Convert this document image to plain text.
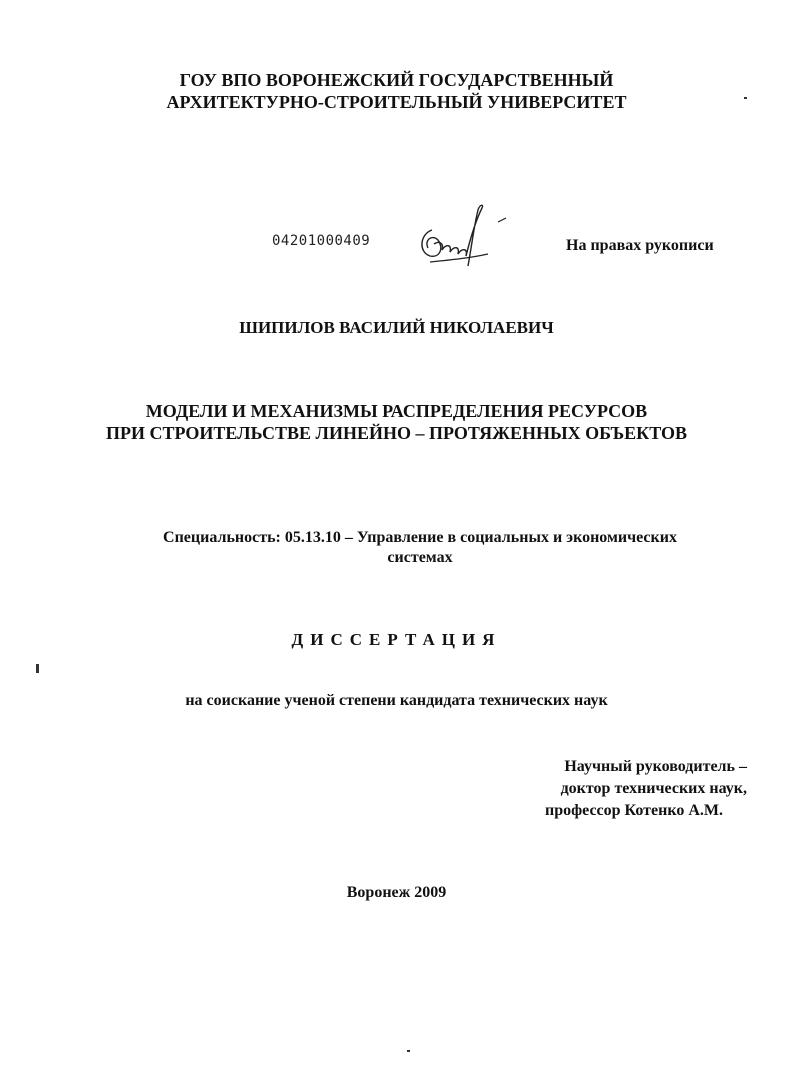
ГОУ ВПО ВОРОНЕЖСКИЙ ГОСУДАРСТВЕННЫЙ
АРХИТЕКТУРНО-СТРОИТЕЛЬНЫЙ УНИВЕРСИТЕТ
04201000409	На правах рукописи
ШИПИЛОВ ВАСИЛИЙ НИКОЛАЕВИЧ
МОДЕЛИ И МЕХАНИЗМЫ РАСПРЕДЕЛЕНИЯ РЕСУРСОВ
ПРИ СТРОИТЕЛЬСТВЕ ЛИНЕЙНО – ПРОТЯЖЕННЫХ ОБЪЕКТОВ
Специальность: 05.13.10 – Управление в социальных и экономических
системах
ДИССЕРТАЦИЯ
на соискание ученой степени кандидата технических наук
Научный руководитель –
доктор технических наук,
профессор Котенко А.М.
Воронеж 2009
